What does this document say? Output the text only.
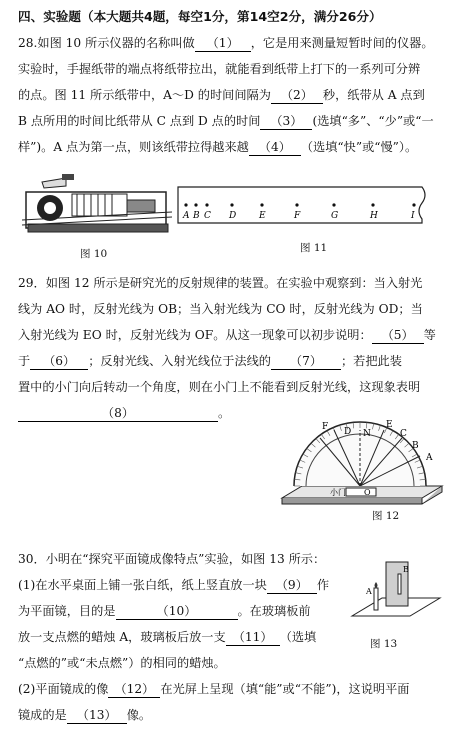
四、实验题（本大题共4题，每空1分，第14空2分，满分26分）
28.如图 10 所示仪器的名称叫做 （1） ，它是用来测量短暂时间的仪器。
实验时，手握纸带的端点将纸带拉出，就能看到纸带上打下的一系列可分辨
的点。图 11 所示纸带中，A～D 的时间间隔为 （2） 秒，纸带从 A 点到
B 点所用的时间比纸带从 C 点到 D 点的时间 （3） (选填“多”、“少”或“一
样”)。A 点为第一点，则该纸带拉得越来越 （4） （选填“快”或“慢”）。
图 10
A B C D	E	F	G	H	I
图 11
29．如图 12 所示是研究光的反射规律的装置。在实验中观察到：当入射光
线为 AO 时，反射光线为 OB；当入射光线为 CO 时，反射光线为 OD；当
入射光线为 EO 时，反射光线为 OF。从这一现象可以初步说明： （5） 等
于 （6） ；反射光线、入射光线位于法线的 （7） ；若把此装
置中的小门向后转动一个角度，则在小门上不能看到反射光线，这现象表明
（8）	。
F D
E
N	C
B
A
O
小门
图 12
30．小明在“探究平面镜成像特点”实验，如图 13 所示：
(1)在水平桌面上铺一张白纸，纸上竖直放一块 （9） 作
为平面镜，目的是	（10）	。在玻璃板前
放一支点燃的蜡烛 A，玻璃板后放一支 （11） （选填
“点燃的”或“未点燃”）的相同的蜡烛。
(2)平面镜成的像 （12） 在光屏上呈现（填“能”或“不能”)，这说明平面
镜成的是 （13） 像。
B
A
图 13
